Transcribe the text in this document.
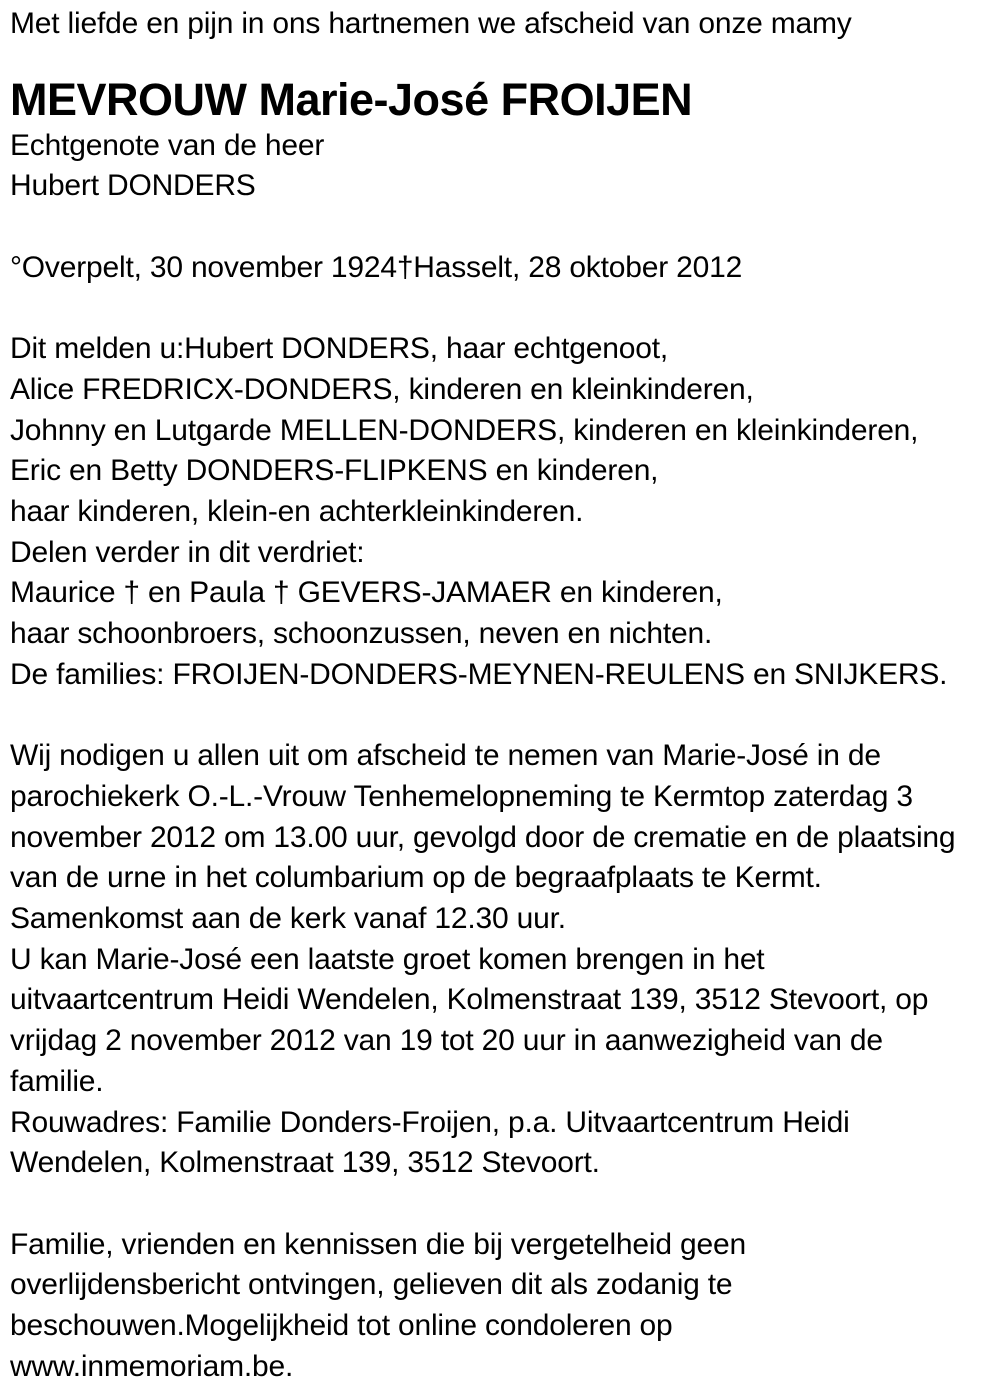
Met liefde en pijn in ons hartnemen we afscheid van onze mamy
MEVROUW Marie-José FROIJEN
Echtgenote van de heer
Hubert DONDERS
°Overpelt, 30 november 1924†Hasselt, 28 oktober 2012
Dit melden u:Hubert DONDERS, haar echtgenoot,
Alice FREDRICX-DONDERS, kinderen en kleinkinderen,
Johnny en Lutgarde MELLEN-DONDERS, kinderen en kleinkinderen,
Eric en Betty DONDERS-FLIPKENS en kinderen,
haar kinderen, klein-en achterkleinkinderen.
Delen verder in dit verdriet:
Maurice † en Paula † GEVERS-JAMAER en kinderen,
haar schoonbroers, schoonzussen, neven en nichten.
De families: FROIJEN-DONDERS-MEYNEN-REULENS en SNIJKERS.
Wij nodigen u allen uit om afscheid te nemen van Marie-José in de
parochiekerk O.-L.-Vrouw Tenhemelopneming te Kermtop zaterdag 3
november 2012 om 13.00 uur, gevolgd door de crematie en de plaatsing
van de urne in het columbarium op de begraafplaats te Kermt.
Samenkomst aan de kerk vanaf 12.30 uur.
U kan Marie-José een laatste groet komen brengen in het
uitvaartcentrum Heidi Wendelen, Kolmenstraat 139, 3512 Stevoort, op
vrijdag 2 november 2012 van 19 tot 20 uur in aanwezigheid van de
familie.
Rouwadres: Familie Donders-Froijen, p.a. Uitvaartcentrum Heidi
Wendelen, Kolmenstraat 139, 3512 Stevoort.
Familie, vrienden en kennissen die bij vergetelheid geen
overlijdensbericht ontvingen, gelieven dit als zodanig te
beschouwen.Mogelijkheid tot online condoleren op
www.inmemoriam.be.
